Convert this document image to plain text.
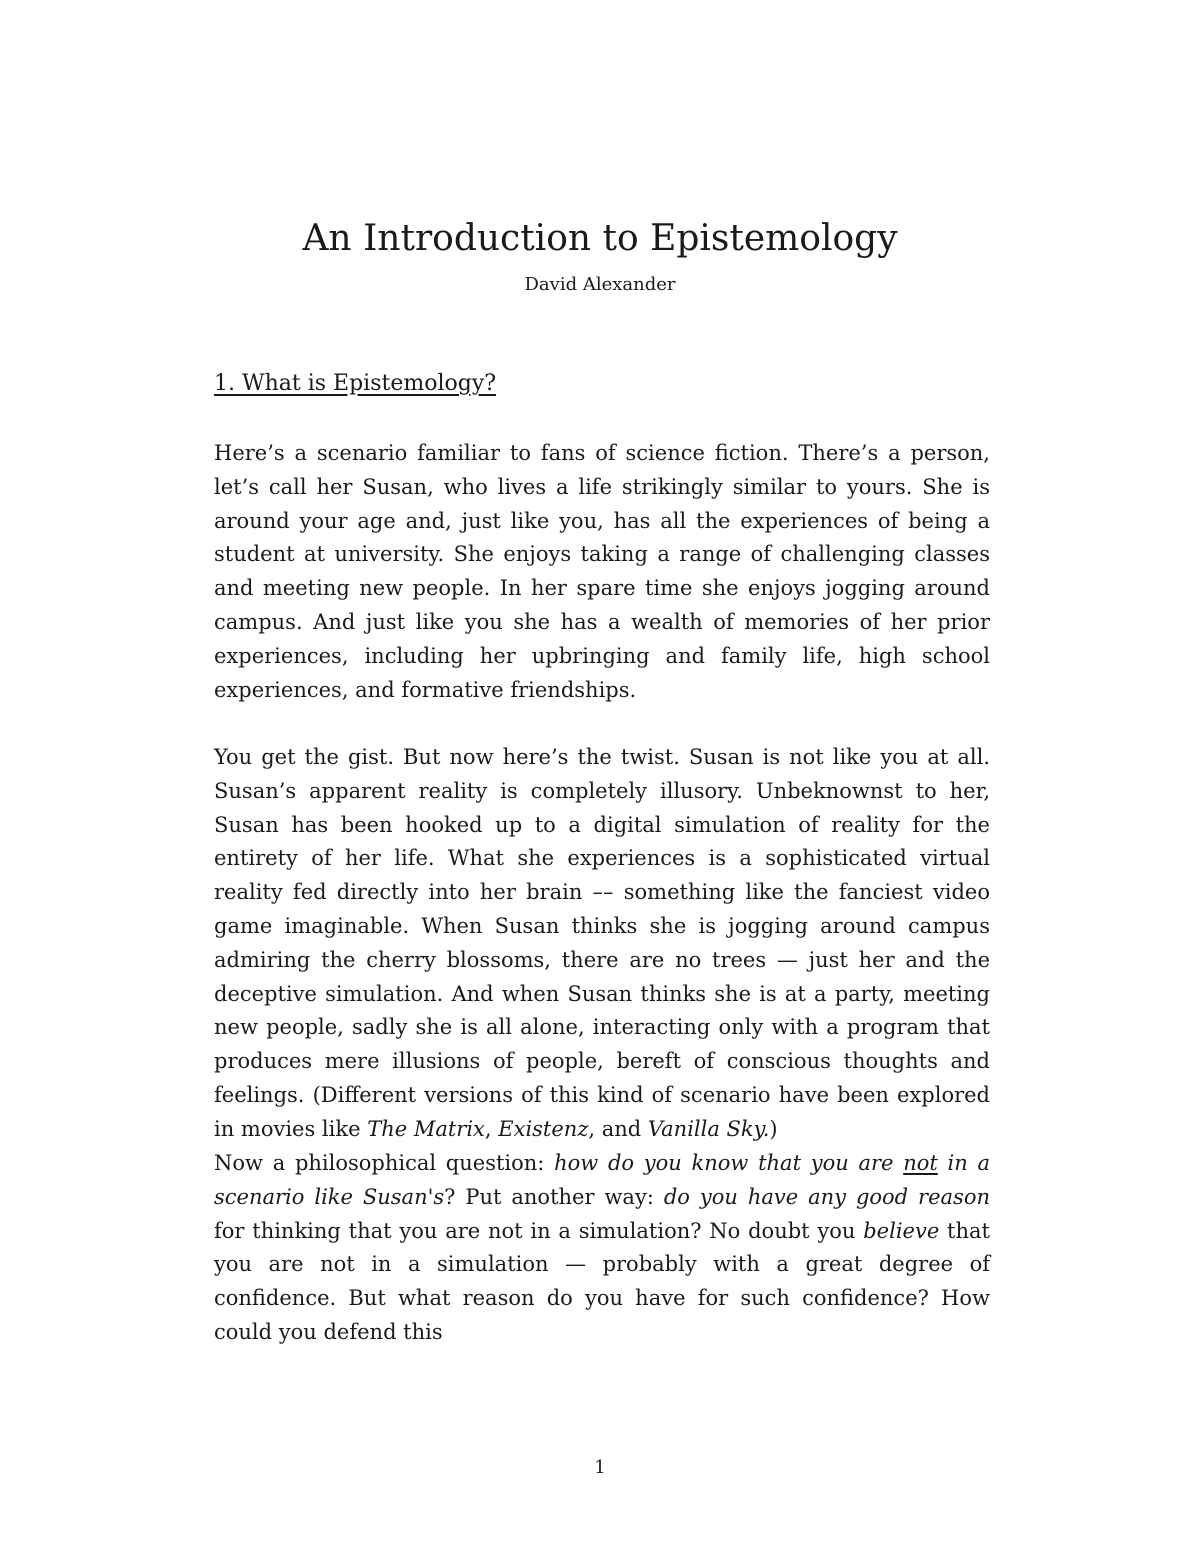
An Introduction to Epistemology
David Alexander
1. What is Epistemology?

Here’s a scenario familiar to fans of science fiction. There’s a person, let’s call her Susan, who lives a life strikingly similar to yours. She is around your age and, just like you, has all the experiences of being a student at university. She enjoys taking a range of challenging classes and meeting new people. In her spare time she enjoys jogging around campus. And just like you she has a wealth of memories of her prior experiences, including her upbringing and family life, high school experiences, and formative friendships.

You get the gist. But now here’s the twist. Susan is not like you at all. Susan’s apparent reality is completely illusory. Unbeknownst to her, Susan has been hooked up to a digital simulation of reality for the entirety of her life. What she experiences is a sophisticated virtual reality fed directly into her brain –– something like the fanciest video game imaginable. When Susan thinks she is jogging around campus admiring the cherry blossoms, there are no trees — just her and the deceptive simulation. And when Susan thinks she is at a party, meeting new people, sadly she is all alone, interacting only with a program that produces mere illusions of people, bereft of conscious thoughts and feelings. (Different versions of this kind of scenario have been explored in movies like The Matrix, Existenz, and Vanilla Sky.)

Now a philosophical question: how do you know that you are not in a scenario like Susan's? Put another way: do you have any good reason for thinking that you are not in a simulation? No doubt you believe that you are not in a simulation — probably with a great degree of confidence. But what reason do you have for such confidence? How could you defend this

1
